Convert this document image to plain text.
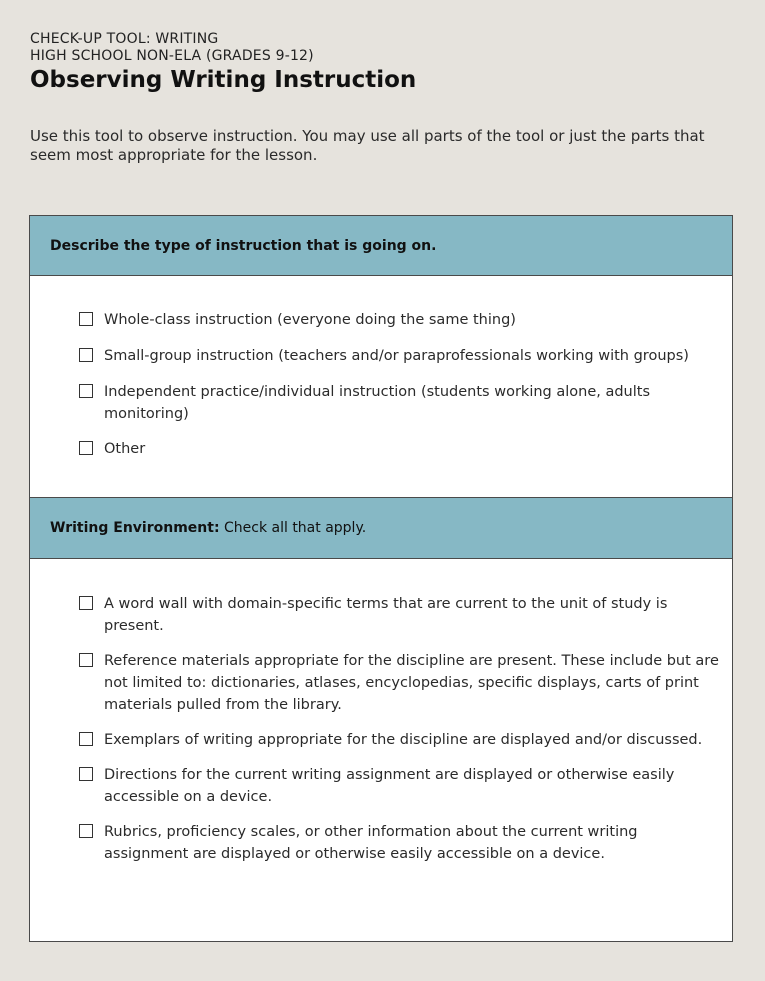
CHECK-UP TOOL: WRITING
HIGH SCHOOL NON-ELA (GRADES 9-12)
Observing Writing Instruction

Use this tool to observe instruction. You may use all parts of the tool or just the parts that seem most appropriate for the lesson.

Describe the type of instruction that is going on.
Whole-class instruction (everyone doing the same thing)
Small-group instruction (teachers and/or paraprofessionals working with groups)
Independent practice/individual instruction (students working alone, adults monitoring)
Other
Writing Environment: Check all that apply.
A word wall with domain-specific terms that are current to the unit of study is present.
Reference materials appropriate for the discipline are present. These include but are not limited to: dictionaries, atlases, encyclopedias, specific displays, carts of print materials pulled from the library.
Exemplars of writing appropriate for the discipline are displayed and/or discussed.
Directions for the current writing assignment are displayed or otherwise easily accessible on a device.
Rubrics, proficiency scales, or other information about the current writing assignment are displayed or otherwise easily accessible on a device.
